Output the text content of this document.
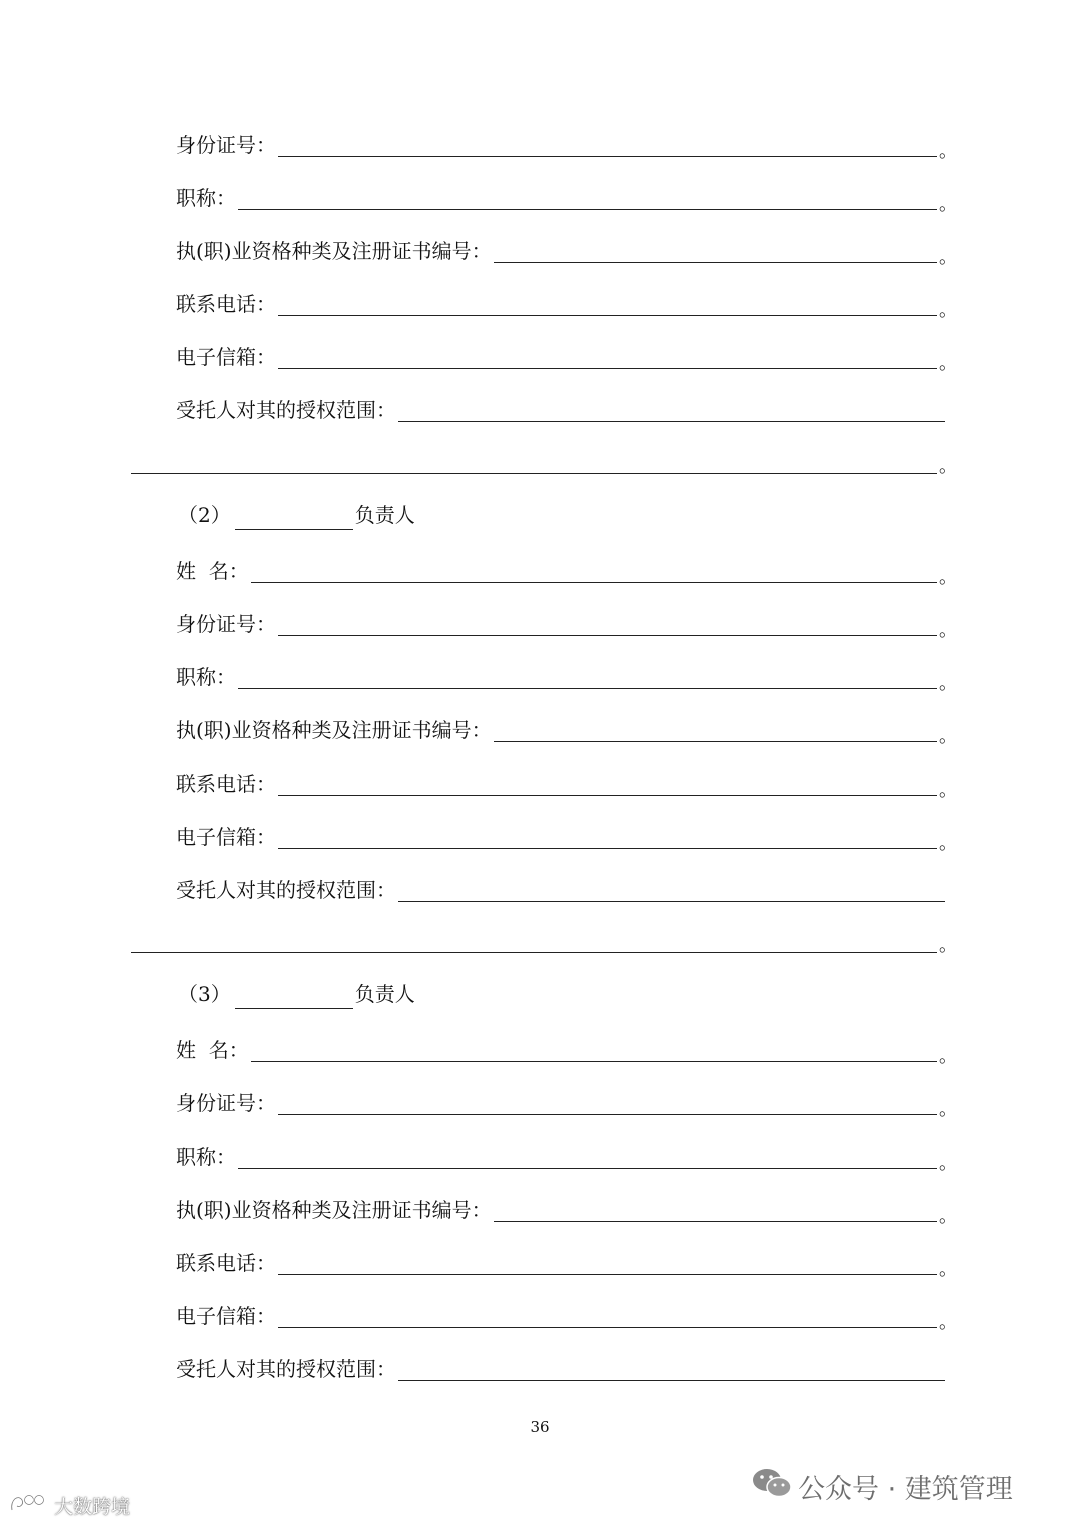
身份证号：	。
职称：	。
执(职)业资格种类及注册证书编号：	。
联系电话：	。
电子信箱：	。
受托人对其的授权范围：
。
（2）	负责人
姓  名：	。
身份证号：	。
职称：	。
执(职)业资格种类及注册证书编号：	。
联系电话：	。
电子信箱：	。
受托人对其的授权范围：
。
（3）	负责人
姓  名：	。
身份证号：	。
职称：	。
执(职)业资格种类及注册证书编号：	。
联系电话：	。
电子信箱：	。
受托人对其的授权范围：
36
公众号 · 建筑管理
大数跨境
